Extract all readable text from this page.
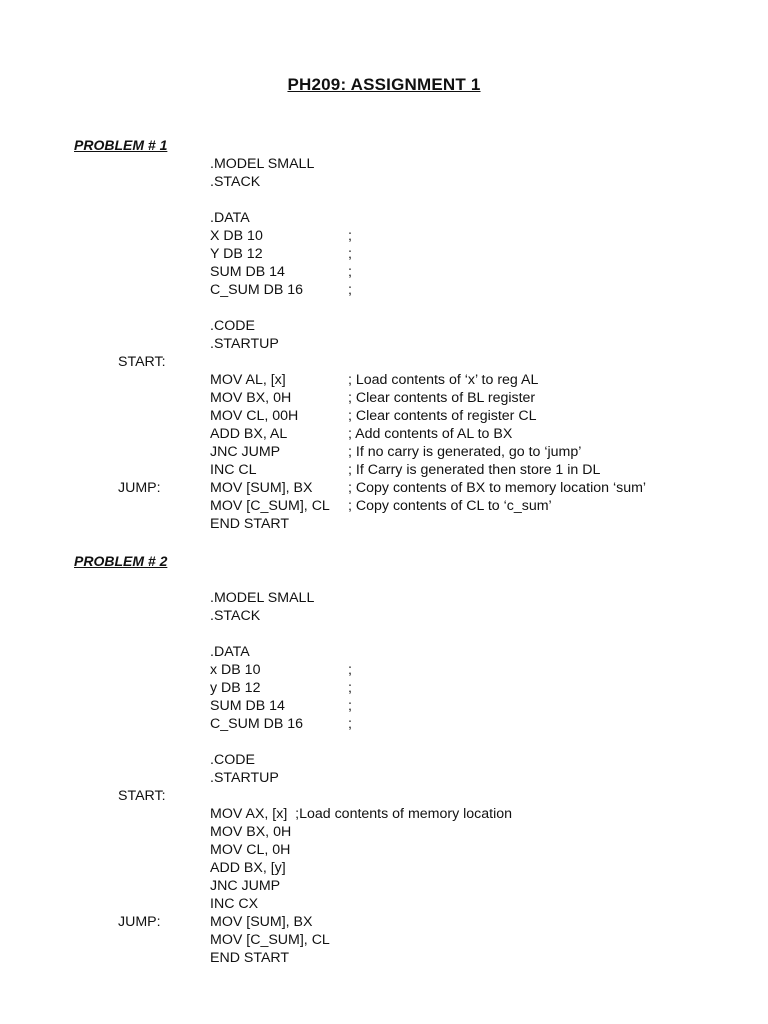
PH209: ASSIGNMENT 1
PROBLEM # 1
.MODEL SMALL
.STACK
.DATA
X DB 10	;
Y DB 12	;
SUM DB 14	;
C_SUM DB 16	;
.CODE
.STARTUP
START:
MOV AL, [x]	; Load contents of ‘x’ to reg AL
MOV BX, 0H	; Clear contents of BL register
MOV CL, 00H	; Clear contents of register CL
ADD BX, AL	; Add contents of AL to BX
JNC JUMP	; If no carry is generated, go to ‘jump’
INC CL	; If Carry is generated then store 1 in DL
JUMP:	MOV [SUM], BX	; Copy contents of BX to memory location ‘sum’
MOV [C_SUM], CL ; Copy contents of CL to ‘c_sum’
END START
PROBLEM # 2
.MODEL SMALL
.STACK
.DATA
x DB 10	;
y DB 12	;
SUM DB 14	;
C_SUM DB 16	;
.CODE
.STARTUP
START:
MOV AX, [x]  ;Load contents of memory location
MOV BX, 0H
MOV CL, 0H
ADD BX, [y]
JNC JUMP
INC CX
JUMP:	MOV [SUM], BX
MOV [C_SUM], CL
END START
